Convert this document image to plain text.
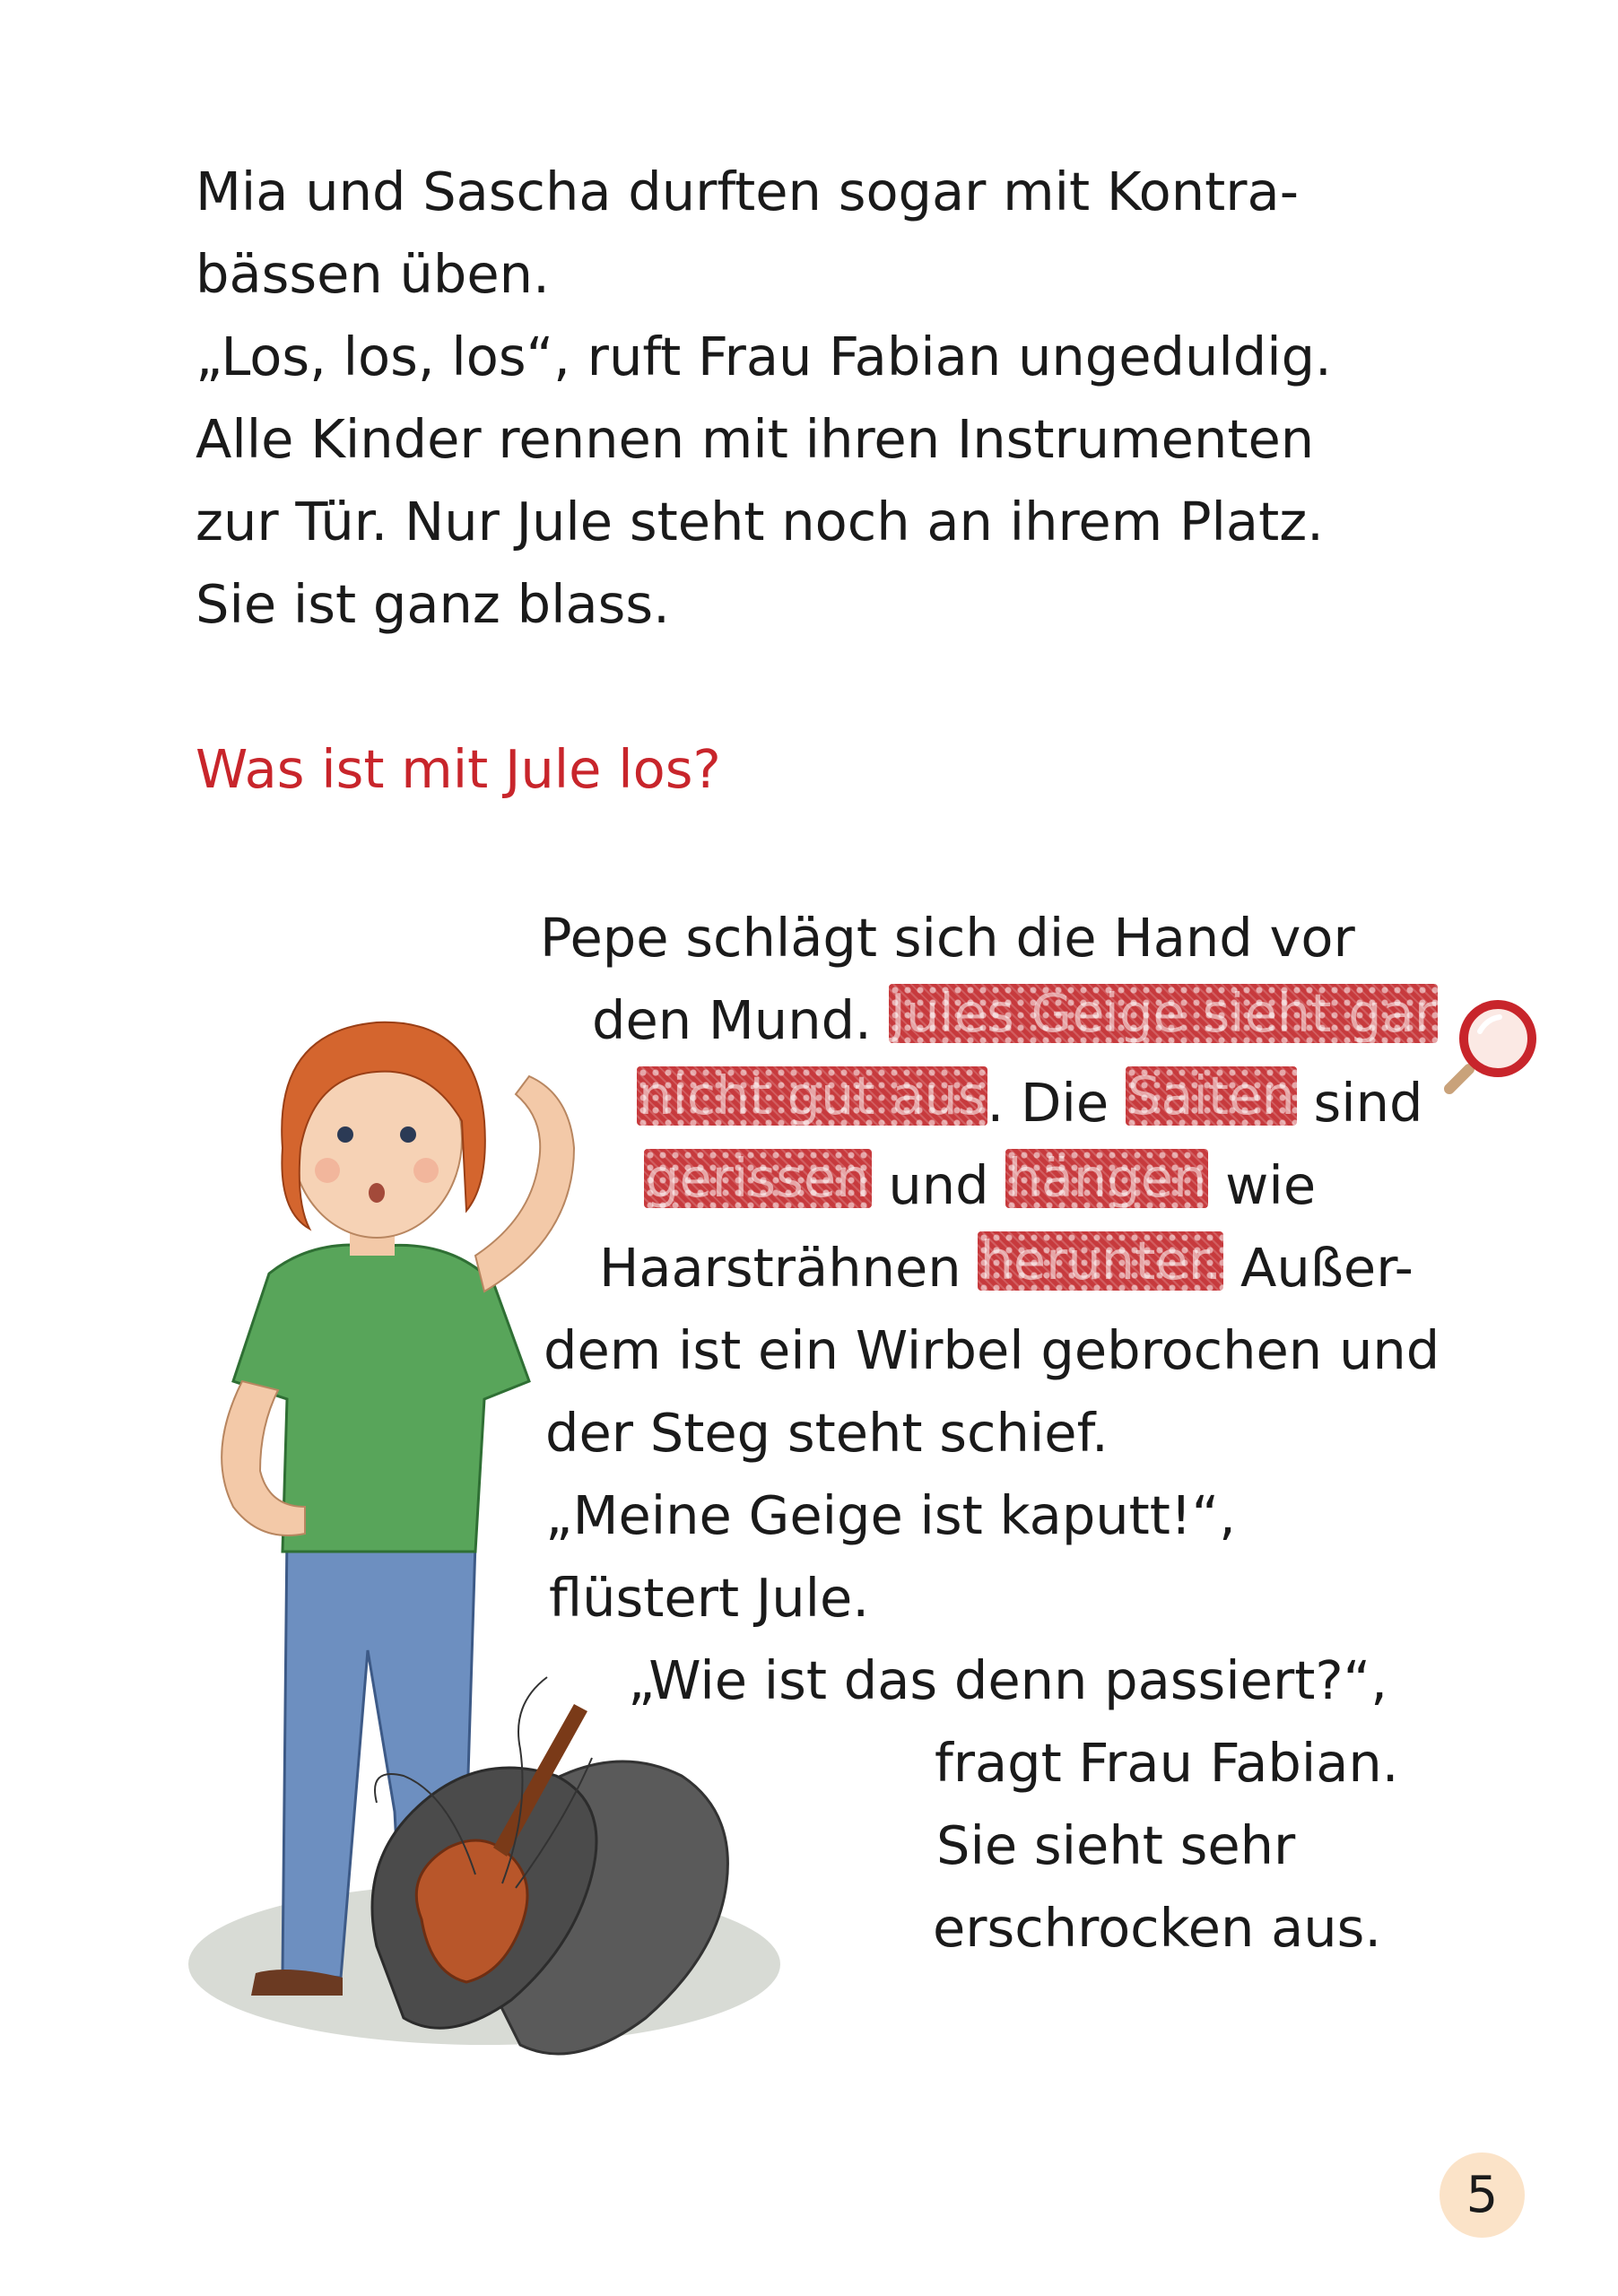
Mia und Sascha durften sogar mit Kontra-
bässen üben.
„Los, los, los“, ruft Frau Fabian ungeduldig.
Alle Kinder rennen mit ihren Instrumenten
zur Tür. Nur Jule steht noch an ihrem Platz.
Sie ist ganz blass.
Was ist mit Jule los?
Pepe schlägt sich die Hand vor
den Mund. Jules Geige sieht gar
nicht gut aus. Die Saiten sind
gerissen und hängen wie
Haarsträhnen herunter. Außer-
dem ist ein Wirbel gebrochen und
der Steg steht schief.
„Meine Geige ist kaputt!“,
flüstert Jule.
„Wie ist das denn passiert?“,
fragt Frau Fabian.
Sie sieht sehr
erschrocken aus.
5
